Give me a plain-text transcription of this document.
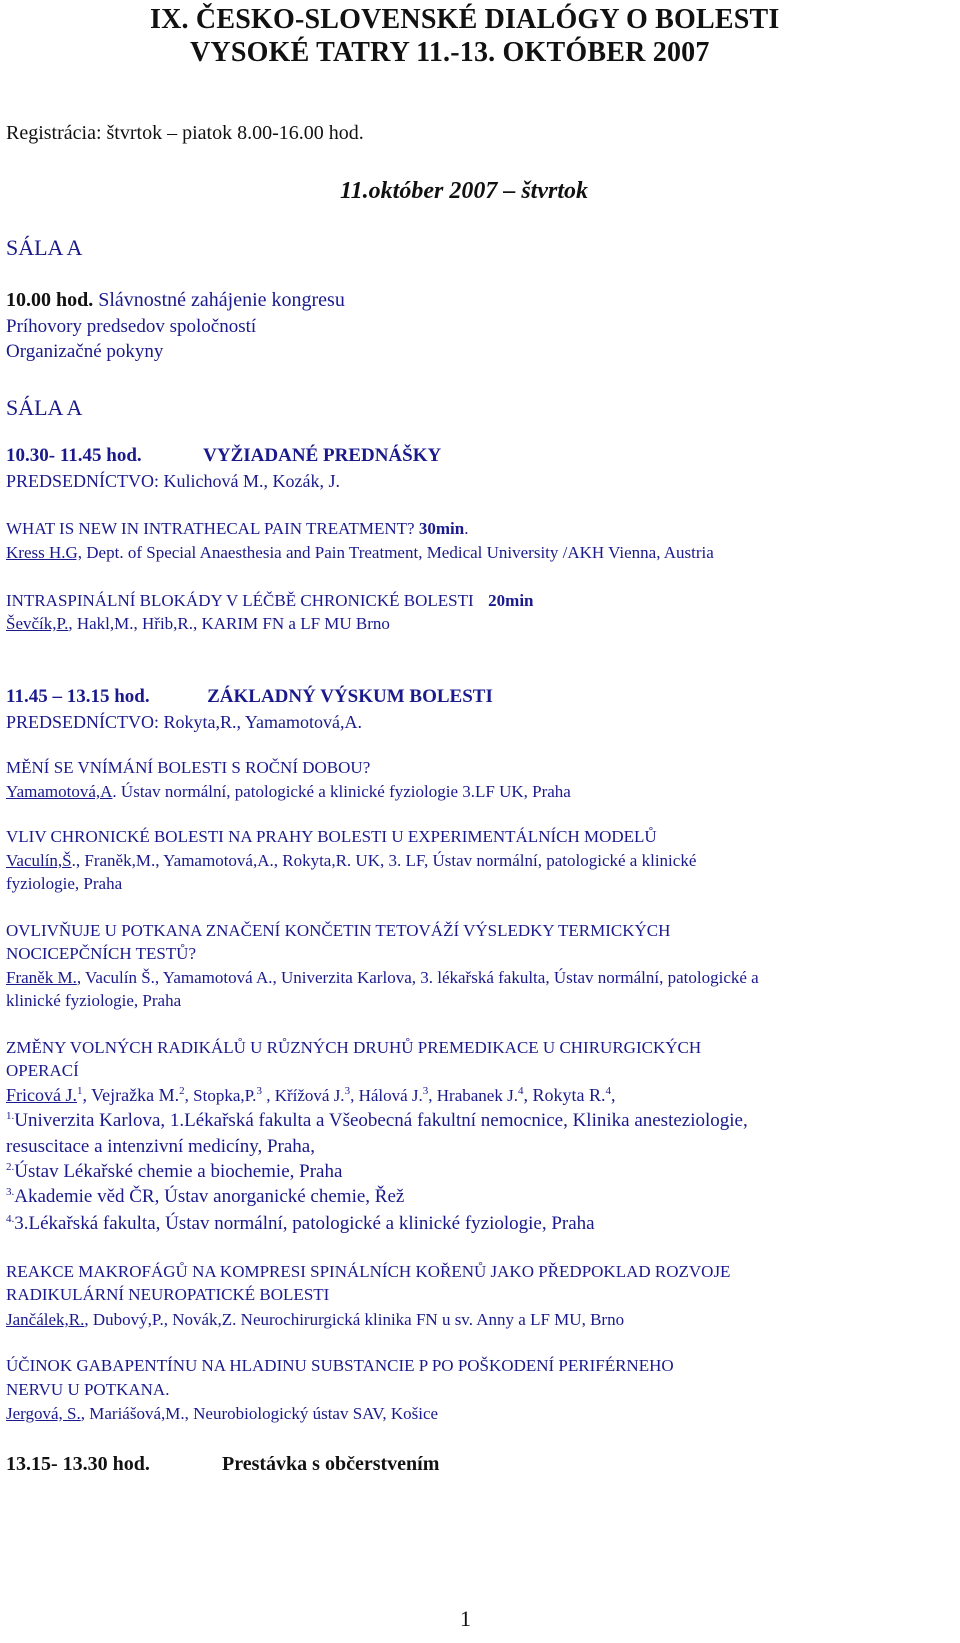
IX. ČESKO-SLOVENSKÉ DIALÓGY O BOLESTI
VYSOKÉ TATRY 11.-13. OKTÓBER 2007
Registrácia: štvrtok – piatok 8.00-16.00 hod.
11.október 2007 – štvrtok
SÁLA A
10.00 hod. Slávnostné zahájenie kongresu
Príhovory predsedov spoločností
Organizačné pokyny
SÁLA A
10.30- 11.45 hod.	VYŽIADANÉ PREDNÁŠKY
PREDSEDNÍCTVO: Kulichová M., Kozák, J.
WHAT IS NEW IN INTRATHECAL PAIN TREATMENT? 30min.
Kress H.G, Dept. of Special Anaesthesia and Pain Treatment, Medical University /AKH Vienna, Austria
INTRASPINÁLNÍ BLOKÁDY V LÉČBĚ CHRONICKÉ BOLESTI 20min
Ševčík,P., Hakl,M., Hřib,R., KARIM FN a LF MU Brno
11.45 – 13.15 hod.	ZÁKLADNÝ VÝSKUM BOLESTI
PREDSEDNÍCTVO: Rokyta,R., Yamamotová,A.
MĚNÍ SE VNÍMÁNÍ BOLESTI S ROČNÍ DOBOU?
Yamamotová,A. Ústav normální, patologické a klinické fyziologie 3.LF UK, Praha
VLIV CHRONICKÉ BOLESTI NA PRAHY BOLESTI U EXPERIMENTÁLNÍCH MODELŮ
Vaculín,Š., Franěk,M., Yamamotová,A., Rokyta,R. UK, 3. LF, Ústav normální, patologické a klinické
fyziologie, Praha
OVLIVŇUJE U POTKANA ZNAČENÍ KONČETIN TETOVÁŽÍ VÝSLEDKY TERMICKÝCH
NOCICEPČNÍCH TESTŮ?
Franěk M., Vaculín Š., Yamamotová A., Univerzita Karlova, 3. lékařská fakulta, Ústav normální, patologické a
klinické fyziologie, Praha
ZMĚNY VOLNÝCH RADIKÁLŮ U RŮZNÝCH DRUHŮ PREMEDIKACE U CHIRURGICKÝCH
OPERACÍ
Fricová J.$^1$, Vejražka M.$^2$, Stopka,P.$^3$ , Křížová J.$^3$, Hálová J.$^3$, Hrabanek J.$^4$, Rokyta R.$^4$,
$^{1.}$Univerzita Karlova, 1.Lékařská fakulta a Všeobecná fakultní nemocnice, Klinika anesteziologie,
resuscitace a intenzivní medicíny, Praha,
$^{2.}$Ústav Lékařské chemie a biochemie, Praha
$^{3.}$Akademie věd ČR, Ústav anorganické chemie, Řež
$^{4.}$3.Lékařská fakulta, Ústav normální, patologické a klinické fyziologie, Praha
REAKCE MAKROFÁGŮ NA KOMPRESI SPINÁLNÍCH KOŘENŮ JAKO PŘEDPOKLAD ROZVOJE
RADIKULÁRNÍ NEUROPATICKÉ BOLESTI
Jančálek,R., Dubový,P., Novák,Z. Neurochirurgická klinika FN u sv. Anny a LF MU, Brno
ÚČINOK GABAPENTÍNU NA HLADINU SUBSTANCIE P PO POŠKODENÍ PERIFÉRNEHO
NERVU U POTKANA.
Jergová, S., Mariášová,M., Neurobiologický ústav SAV, Košice
13.15- 13.30 hod.	Prestávka s občerstvením
1
